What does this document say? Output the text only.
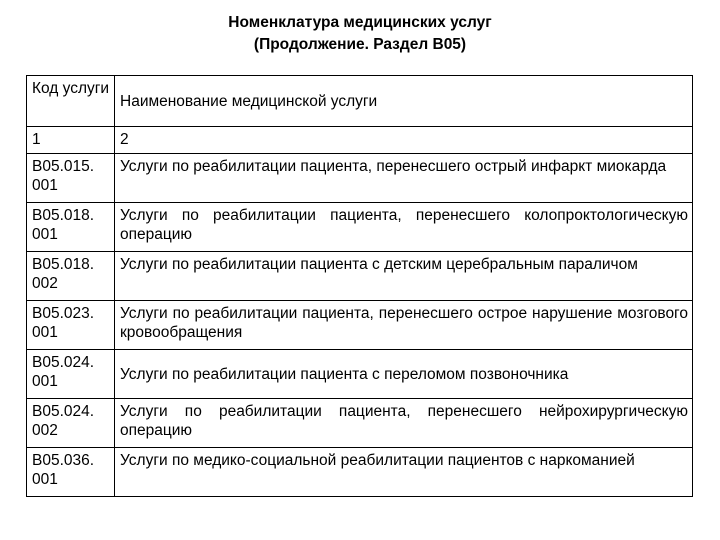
Номенклатура медицинских услуг
(Продолжение. Раздел В05)
Код услуги	Наименование медицинской услуги
1	2
В05.015. 001	Услуги по реабилитации пациента, перенесшего острый инфаркт миокарда
В05.018. 001	Услуги по реабилитации пациента, перенесшего колопроктологическую операцию
В05.018. 002	Услуги по реабилитации пациента с детским церебральным параличом
В05.023. 001	Услуги по реабилитации пациента, перенесшего острое нарушение мозгового кровообращения
В05.024. 001	Услуги по реабилитации пациента с переломом позвоночника
В05.024. 002	Услуги по реабилитации пациента, перенесшего нейрохирургическую операцию
В05.036. 001	Услуги по медико-социальной реабилитации пациентов с наркоманией
